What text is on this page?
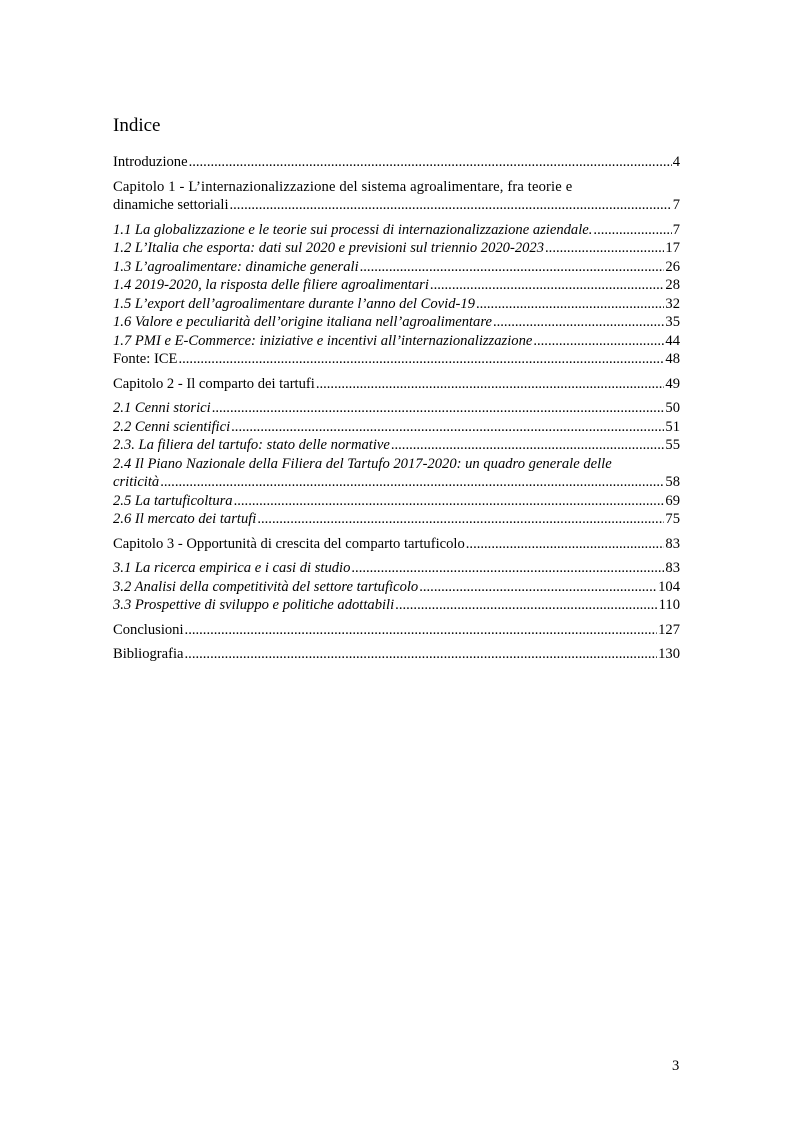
Indice
Introduzione .....	4
Capitolo 1 - L’internazionalizzazione del sistema agroalimentare, fra teorie e
dinamiche settoriali .....	7
1.1 La globalizzazione e le teorie sui processi di internazionalizzazione aziendale. .....	7
1.2 L’Italia che esporta: dati sul 2020 e previsioni sul triennio 2020-2023 .....	17
1.3 L’agroalimentare: dinamiche generali .....	26
1.4 2019-2020, la risposta delle filiere agroalimentari .....	28
1.5 L’export dell’agroalimentare durante l’anno del Covid-19 .....	32
1.6 Valore e peculiarità dell’origine italiana nell’agroalimentare .....	35
1.7 PMI e E-Commerce: iniziative e incentivi all’internazionalizzazione .....	44
Fonte: ICE .....	48
Capitolo 2 - Il comparto dei tartufi .....	49
2.1 Cenni storici .....	50
2.2 Cenni scientifici .....	51
2.3. La filiera del tartufo: stato delle normative .....	55
2.4 Il Piano Nazionale della Filiera del Tartufo 2017-2020: un quadro generale delle
criticità .....	58
2.5 La tartuficoltura .....	69
2.6 Il mercato dei tartufi .....	75
Capitolo 3 - Opportunità di crescita del comparto tartuficolo .....	83
3.1 La ricerca empirica e i casi di studio .....	83
3.2 Analisi della competitività del settore tartuficolo .....	104
3.3 Prospettive di sviluppo e politiche adottabili .....	110
Conclusioni .....	127
Bibliografia .....	130
3
